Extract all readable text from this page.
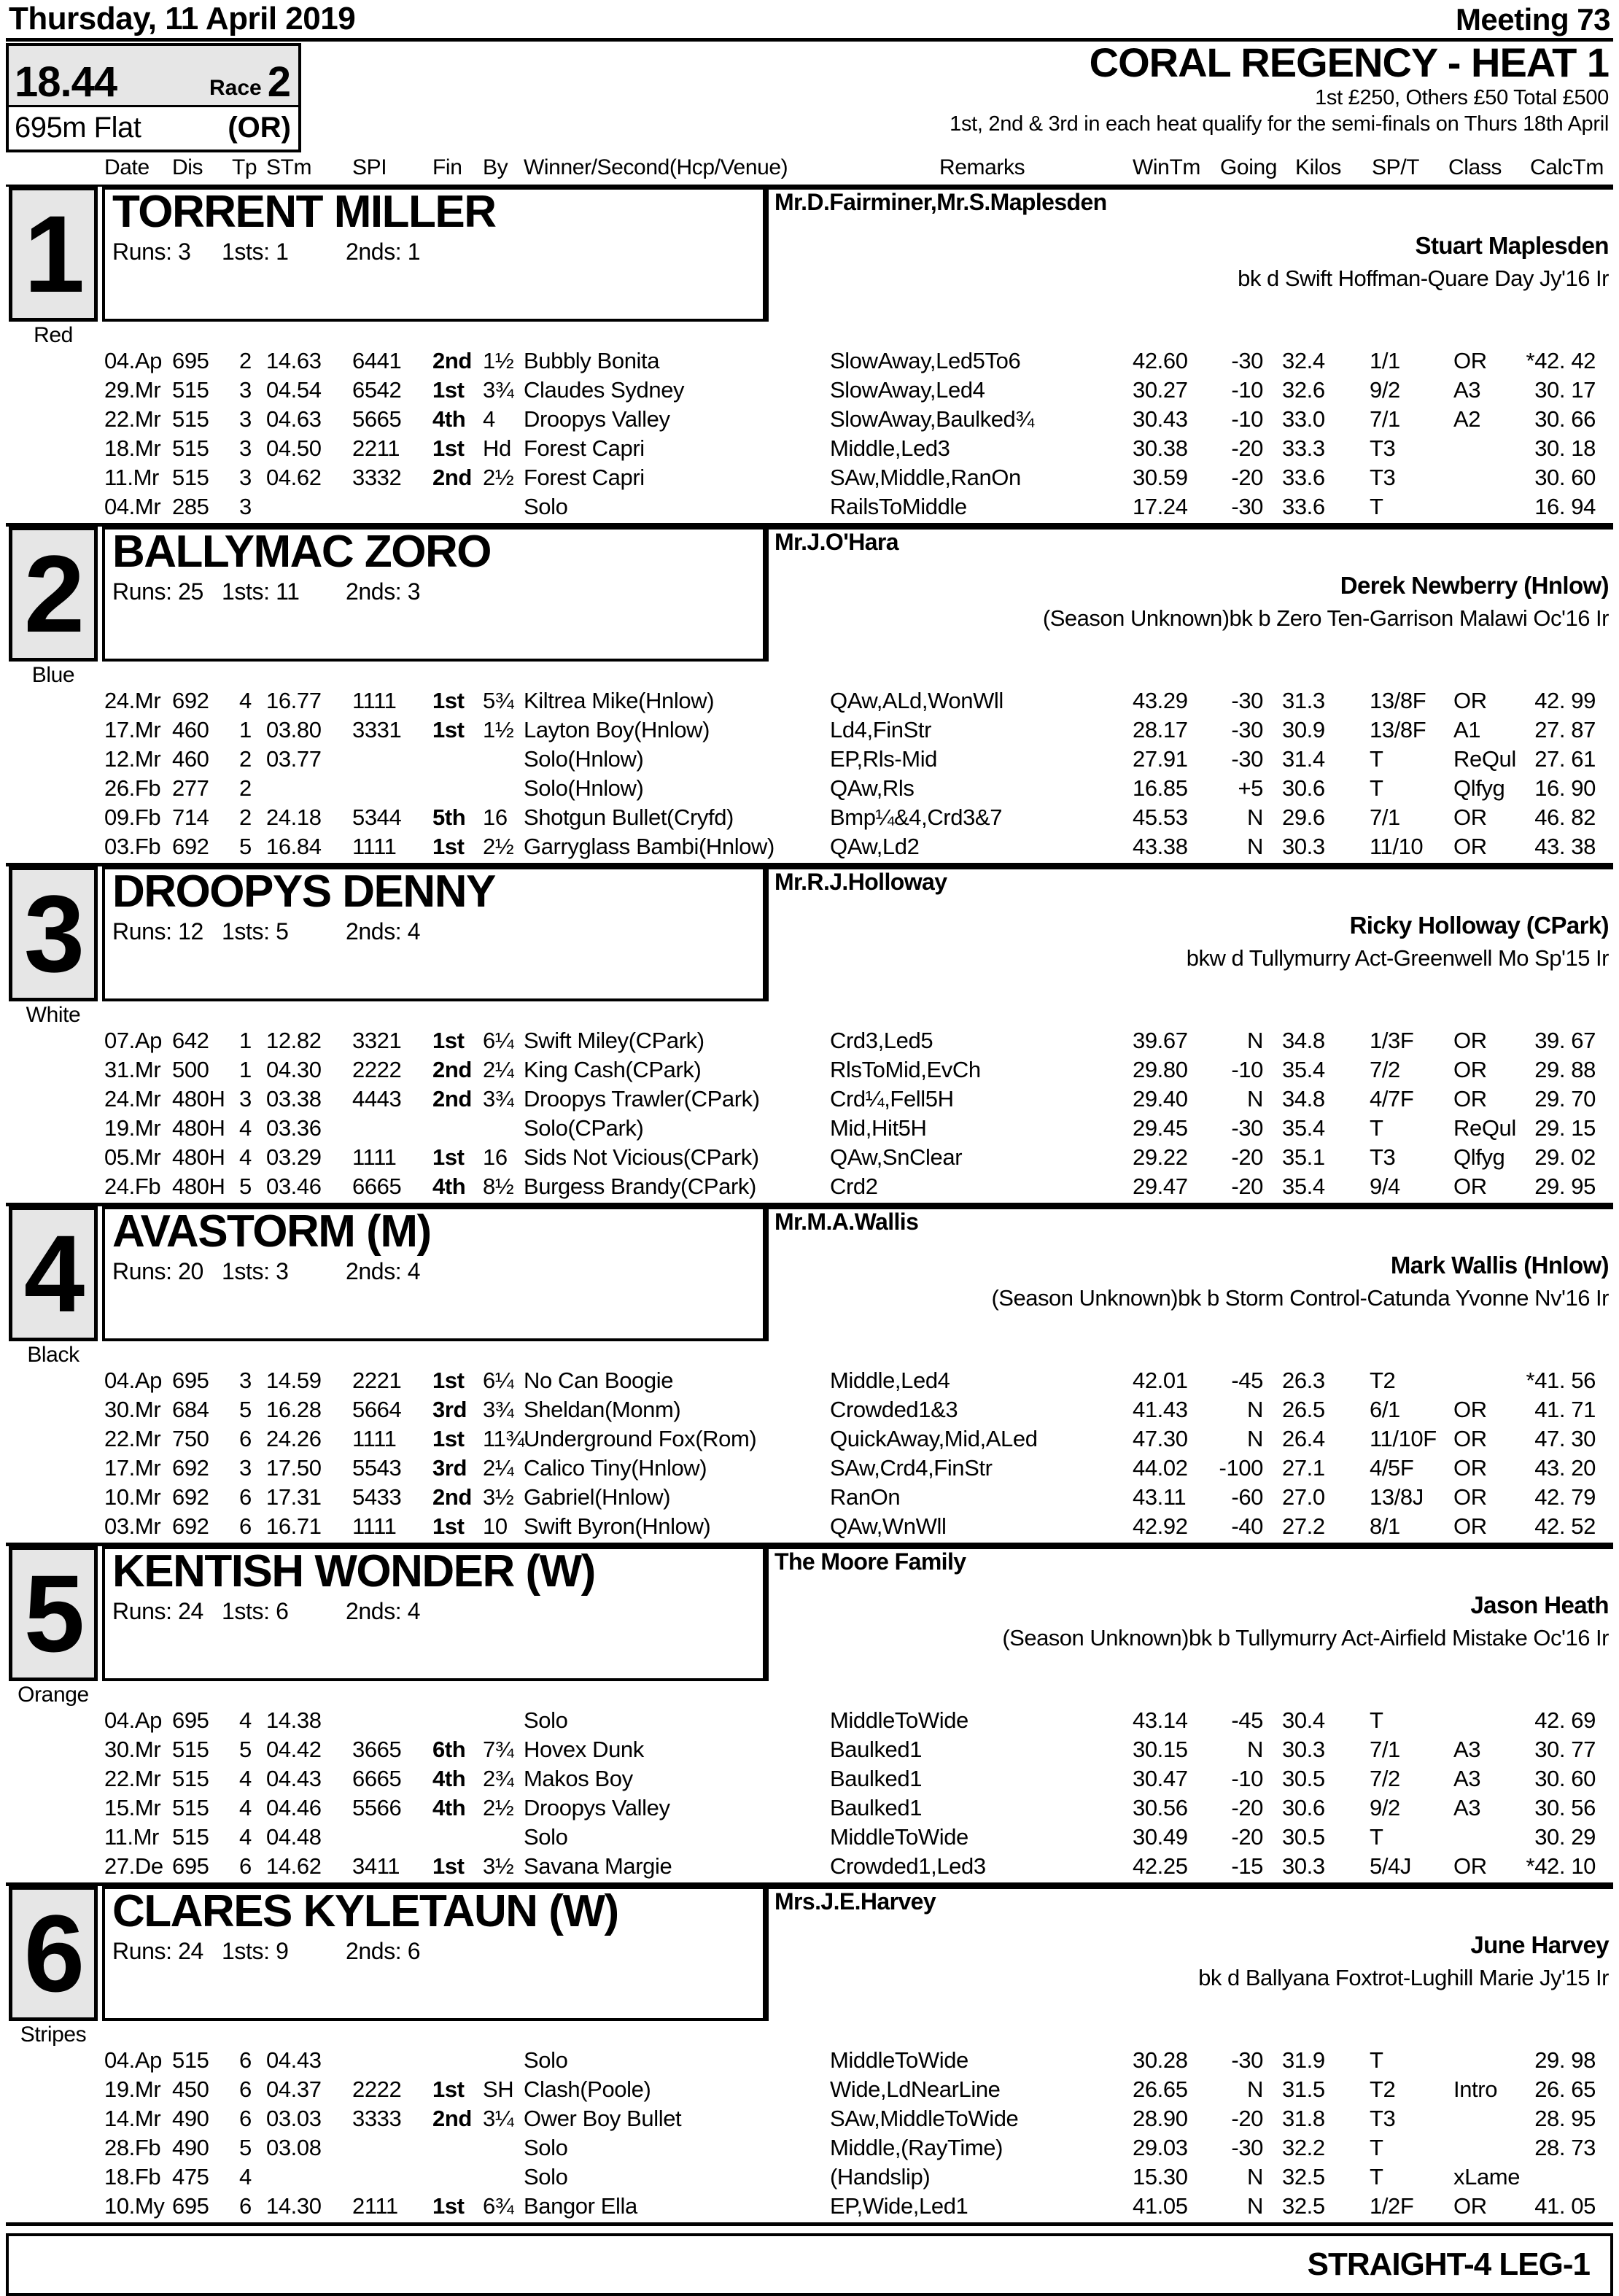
Thursday, 11 April 2019	Meeting 73
18.44	Race 2
695m Flat	(OR)
CORAL REGENCY - HEAT 1
1st £250, Others £50 Total £500
1st, 2nd & 3rd in each heat qualify for the semi-finals on Thurs 18th April
Date Dis Tp STm SPI Fin By Winner/Second(Hcp/Venue)	Remarks	WinTm Going Kilos SP/T Class CalcTm
1
Red
TORRENT MILLER
Runs: 3 1sts: 1 2nds: 1
Mr.D.Fairminer,Mr.S.Maplesden
Stuart Maplesden
bk d Swift Hoffman-Quare Day Jy'16 Ir
04.Ap 695 2 14.63 6441 2nd 1½ Bubbly Bonita	SlowAway,Led5To6	42.60 -30 32.4 1/1 OR *42. 42
29.Mr 515 3 04.54 6542 1st 3¾ Claudes Sydney	SlowAway,Led4	30.27 -10 32.6 9/2 A3 30. 17
22.Mr 515 3 04.63 5665 4th 4 Droopys Valley	SlowAway,Baulked¾	30.43 -10 33.0 7/1 A2 30. 66
18.Mr 515 3 04.50 2211 1st Hd Forest Capri	Middle,Led3	30.38 -20 33.3 T3	30. 18
11.Mr 515 3 04.62 3332 2nd 2½ Forest Capri	SAw,Middle,RanOn	30.59 -20 33.6 T3	30. 60
04.Mr 285 3	Solo	RailsToMiddle	17.24 -30 33.6 T	16. 94
2
Blue
BALLYMAC ZORO
Runs: 25 1sts: 11 2nds: 3
Mr.J.O'Hara
Derek Newberry (Hnlow)
(Season Unknown)bk b Zero Ten-Garrison Malawi Oc'16 Ir
24.Mr 692 4 16.77 1111 1st 5¾ Kiltrea Mike(Hnlow)	QAw,ALd,WonWll	43.29 -30 31.3 13/8F OR 42. 99
17.Mr 460 1 03.80 3331 1st 1½ Layton Boy(Hnlow)	Ld4,FinStr	28.17 -30 30.9 13/8F A1 27. 87
12.Mr 460 2 03.77	Solo(Hnlow)	EP,Rls-Mid	27.91 -30 31.4 T	ReQul 27. 61
26.Fb 277 2	Solo(Hnlow)	QAw,Rls	16.85 +5 30.6 T	Qlfyg 16. 90
09.Fb 714 2 24.18 5344 5th 16 Shotgun Bullet(Cryfd)	Bmp¼&4,Crd3&7	45.53	N 29.6 7/1 OR 46. 82
03.Fb 692 5 16.84 1111 1st 2½ Garryglass Bambi(Hnlow) QAw,Ld2	43.38	N 30.3 11/10 OR 43. 38
3
White
DROOPYS DENNY
Runs: 12 1sts: 5 2nds: 4
Mr.R.J.Holloway
Ricky Holloway (CPark)
bkw d Tullymurry Act-Greenwell Mo Sp'15 Ir
07.Ap 642 1 12.82 3321 1st 6¼ Swift Miley(CPark)	Crd3,Led5	39.67	N 34.8 1/3F OR 39. 67
31.Mr 500 1 04.30 2222 2nd 2¼ King Cash(CPark)	RlsToMid,EvCh	29.80 -10 35.4 7/2 OR 29. 88
24.Mr 480H 3 03.38 4443 2nd 3¾ Droopys Trawler(CPark)	Crd¼,Fell5H	29.40	N 34.8 4/7F OR 29. 70
19.Mr 480H 4 03.36	Solo(CPark)	Mid,Hit5H	29.45 -30 35.4 T	ReQul 29. 15
05.Mr 480H 4 03.29 1111 1st 16 Sids Not Vicious(CPark)	QAw,SnClear	29.22 -20 35.1 T3	Qlfyg 29. 02
24.Fb 480H 5 03.46 6665 4th 8½ Burgess Brandy(CPark)	Crd2	29.47 -20 35.4 9/4 OR 29. 95
4
Black
AVASTORM (M)
Runs: 20 1sts: 3 2nds: 4
Mr.M.A.Wallis
Mark Wallis (Hnlow)
(Season Unknown)bk b Storm Control-Catunda Yvonne Nv'16 Ir
04.Ap 695 3 14.59 2221 1st 6¼ No Can Boogie	Middle,Led4	42.01 -45 26.3 T2	*41. 56
30.Mr 684 5 16.28 5664 3rd 3¾ Sheldan(Monm)	Crowded1&3	41.43	N 26.5 6/1 OR 41. 71
22.Mr 750 6 24.26 1111 1st 11¾ Underground Fox(Rom)	QuickAway,Mid,ALed	47.30	N 26.4 11/10F OR 47. 30
17.Mr 692 3 17.50 5543 3rd 2¼ Calico Tiny(Hnlow)	SAw,Crd4,FinStr	44.02 -100 27.1 4/5F OR 43. 20
10.Mr 692 6 17.31 5433 2nd 3½ Gabriel(Hnlow)	RanOn	43.11 -60 27.0 13/8J OR 42. 79
03.Mr 692 6 16.71 1111 1st 10 Swift Byron(Hnlow)	QAw,WnWll	42.92 -40 27.2 8/1 OR 42. 52
5
Orange
KENTISH WONDER (W)
Runs: 24 1sts: 6 2nds: 4
The Moore Family
Jason Heath
(Season Unknown)bk b Tullymurry Act-Airfield Mistake Oc'16 Ir
04.Ap 695 4 14.38	Solo	MiddleToWide	43.14 -45 30.4 T	42. 69
30.Mr 515 5 04.42 3665 6th 7¾ Hovex Dunk	Baulked1	30.15	N 30.3 7/1 A3 30. 77
22.Mr 515 4 04.43 6665 4th 2¾ Makos Boy	Baulked1	30.47 -10 30.5 7/2 A3 30. 60
15.Mr 515 4 04.46 5566 4th 2½ Droopys Valley	Baulked1	30.56 -20 30.6 9/2 A3 30. 56
11.Mr 515 4 04.48	Solo	MiddleToWide	30.49 -20 30.5 T	30. 29
27.De 695 6 14.62 3411 1st 3½ Savana Margie	Crowded1,Led3	42.25 -15 30.3 5/4J OR *42. 10
6
Stripes
CLARES KYLETAUN (W)
Runs: 24 1sts: 9 2nds: 6
Mrs.J.E.Harvey
June Harvey
bk d Ballyana Foxtrot-Lughill Marie Jy'15 Ir
04.Ap 515 6 04.43	Solo	MiddleToWide	30.28 -30 31.9 T	29. 98
19.Mr 450 6 04.37 2222 1st SH Clash(Poole)	Wide,LdNearLine	26.65	N 31.5 T2	Intro 26. 65
14.Mr 490 6 03.03 3333 2nd 3¼ Ower Boy Bullet	SAw,MiddleToWide	28.90 -20 31.8 T3	28. 95
28.Fb 490 5 03.08	Solo	Middle,(RayTime)	29.03 -30 32.2 T	28. 73
18.Fb 475 4	Solo	(Handslip)	15.30	N 32.5 T	xLame
10.My 695 6 14.30 2111 1st 6¾ Bangor Ella	EP,Wide,Led1	41.05	N 32.5 1/2F OR 41. 05
STRAIGHT-4 LEG-1
